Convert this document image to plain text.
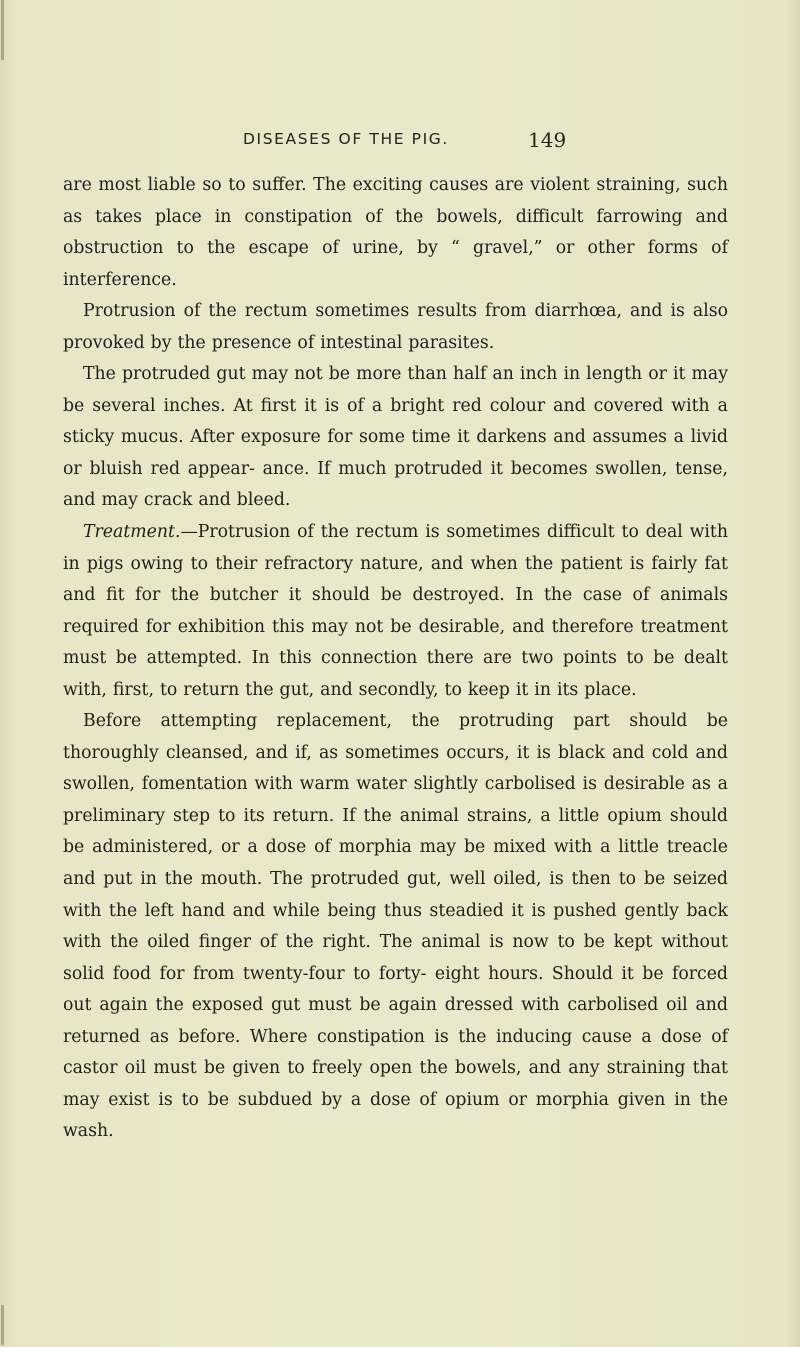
DISEASES OF THE PIG.	149

are most liable so to suffer. The exciting causes are violent straining, such as takes place in constipation of the bowels, difficult farrowing and obstruction to the escape of urine, by “ gravel,” or other forms of interference.

Protrusion of the rectum sometimes results from diarrhœa, and is also provoked by the presence of intestinal parasites.

The protruded gut may not be more than half an inch in length or it may be several inches. At first it is of a bright red colour and covered with a sticky mucus. After exposure for some time it darkens and assumes a livid or bluish red appear- ance. If much protruded it becomes swollen, tense, and may crack and bleed.

Treatment.—Protrusion of the rectum is sometimes difficult to deal with in pigs owing to their refractory nature, and when the patient is fairly fat and fit for the butcher it should be destroyed. In the case of animals required for exhibition this may not be desirable, and therefore treatment must be attempted. In this connection there are two points to be dealt with, first, to return the gut, and secondly, to keep it in its place.

Before attempting replacement, the protruding part should be thoroughly cleansed, and if, as sometimes occurs, it is black and cold and swollen, fomentation with warm water slightly carbolised is desirable as a preliminary step to its return. If the animal strains, a little opium should be administered, or a dose of morphia may be mixed with a little treacle and put in the mouth. The protruded gut, well oiled, is then to be seized with the left hand and while being thus steadied it is pushed gently back with the oiled finger of the right. The animal is now to be kept without solid food for from twenty-four to forty- eight hours. Should it be forced out again the exposed gut must be again dressed with carbolised oil and returned as before. Where constipation is the inducing cause a dose of castor oil must be given to freely open the bowels, and any straining that may exist is to be subdued by a dose of opium or morphia given in the wash.
